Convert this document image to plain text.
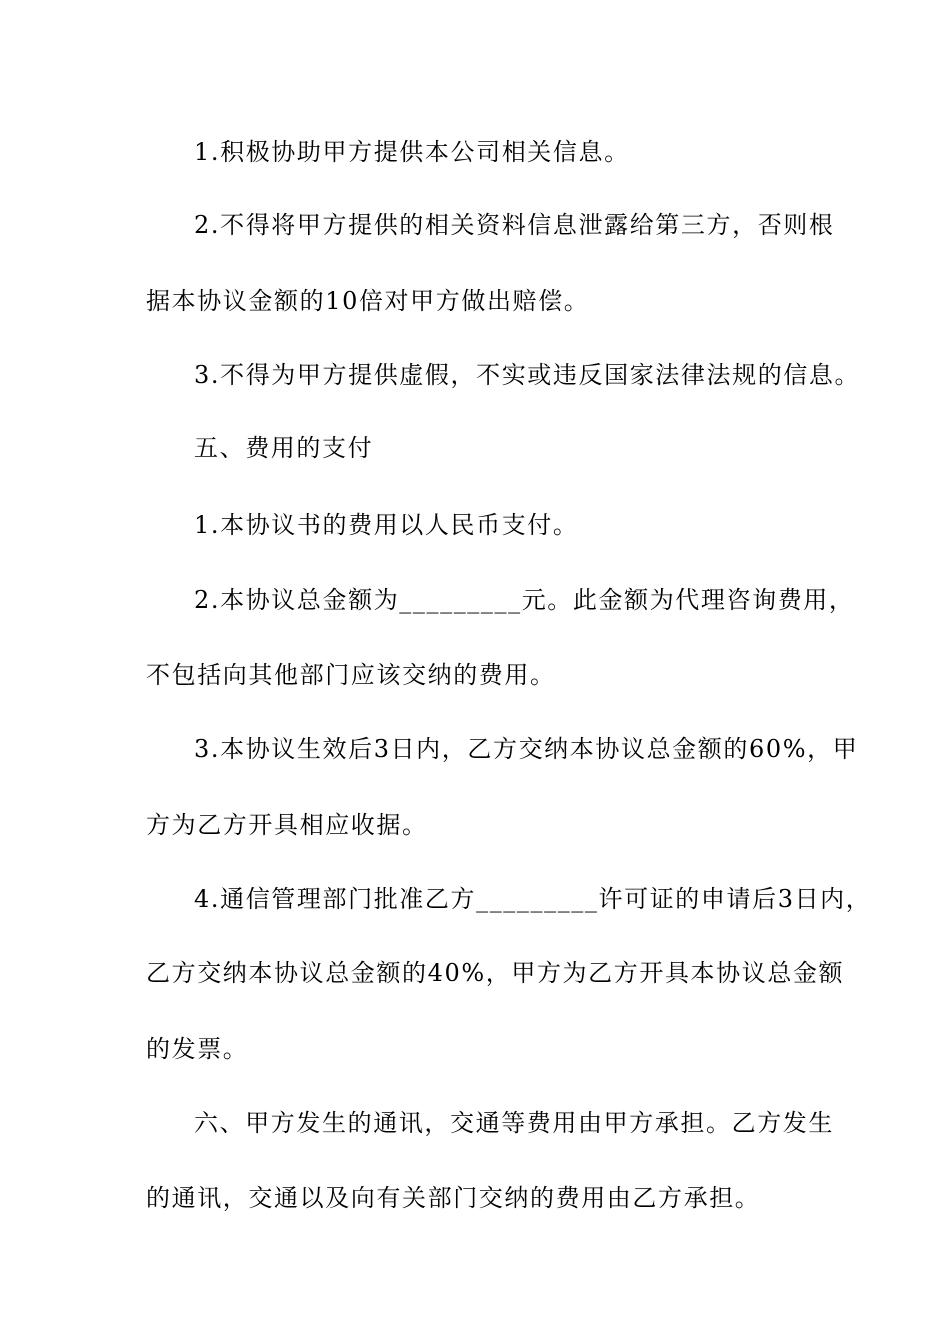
1.积极协助甲方提供本公司相关信息。
2.不得将甲方提供的相关资料信息泄露给第三方，否则根
据本协议金额的10倍对甲方做出赔偿。
3.不得为甲方提供虚假，不实或违反国家法律法规的信息。
五、费用的支付
1.本协议书的费用以人民币支付。
2.本协议总金额为_________元。此金额为代理咨询费用，
不包括向其他部门应该交纳的费用。
3.本协议生效后3日内，乙方交纳本协议总金额的60%，甲
方为乙方开具相应收据。
4.通信管理部门批准乙方_________许可证的申请后3日内，
乙方交纳本协议总金额的40%，甲方为乙方开具本协议总金额
的发票。
六、甲方发生的通讯，交通等费用由甲方承担。乙方发生
的通讯，交通以及向有关部门交纳的费用由乙方承担。
